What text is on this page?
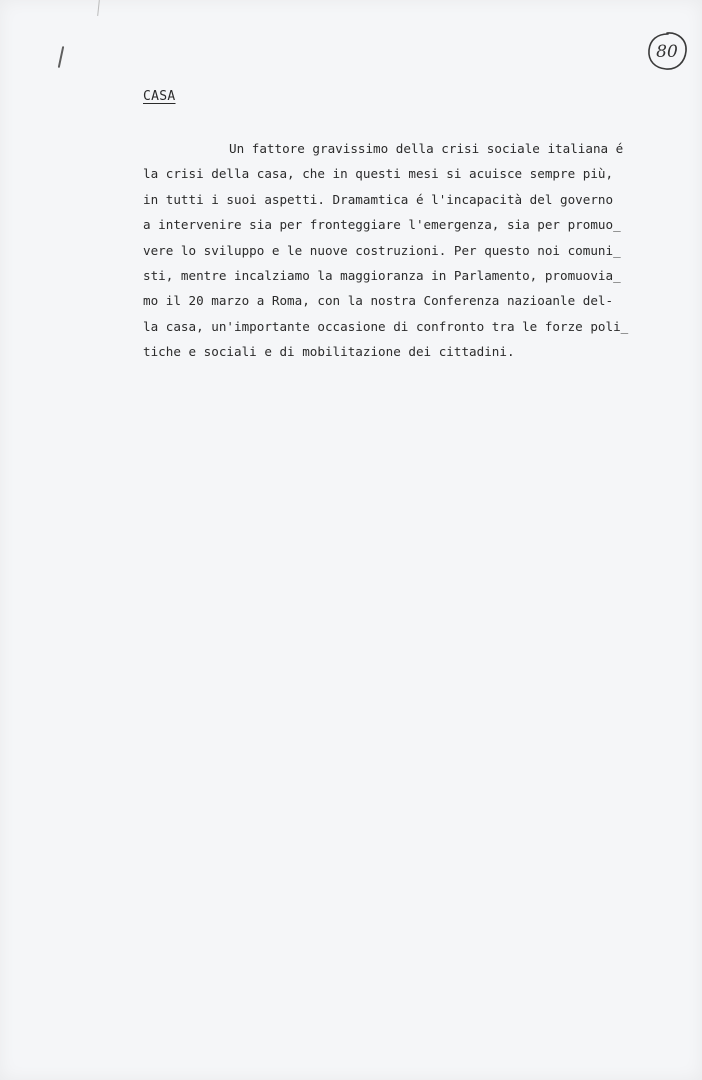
80
CASA
Un fattore gravissimo della crisi sociale italiana é
la crisi della casa, che in questi mesi si acuisce sempre più,
in tutti i suoi aspetti. Dramamtica é l'incapacità del governo
a intervenire sia per fronteggiare l'emergenza, sia per promuo̲
vere lo sviluppo e le nuove costruzioni. Per questo noi comuni̲
sti, mentre incalziamo la maggioranza in Parlamento, promuovia̲
mo il 20 marzo a Roma, con la nostra Conferenza nazioanle del-
la casa, un'importante occasione di confronto tra le forze poli̲
tiche e sociali e di mobilitazione dei cittadini.
